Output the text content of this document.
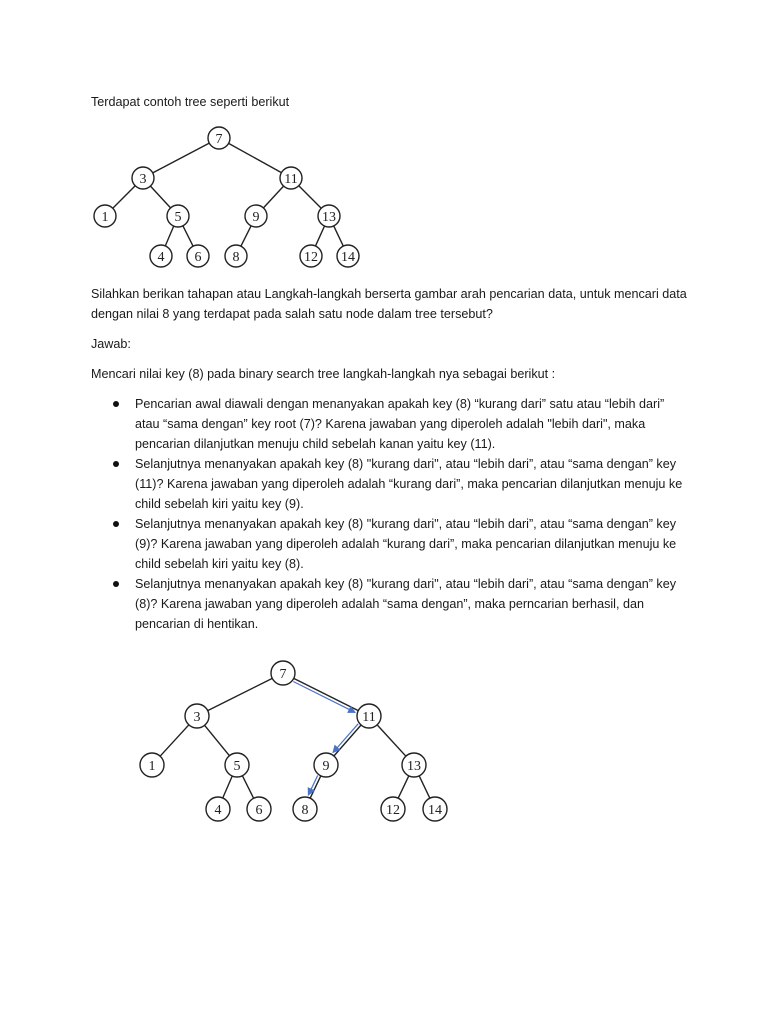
Terdapat contoh tree seperti berikut

7
3	11
1	5	9	13
4 6 8	12 14

Silahkan berikan tahapan atau Langkah-langkah berserta gambar arah pencarian data, untuk mencari data dengan nilai 8 yang terdapat pada salah satu node dalam tree tersebut?

Jawab:

Mencari nilai key (8) pada binary search tree langkah-langkah nya sebagai berikut :

Pencarian awal diawali dengan menanyakan apakah key (8) “kurang dari” satu atau “lebih dari” atau “sama dengan” key root (7)? Karena jawaban yang diperoleh adalah "lebih dari", maka pencarian dilanjutkan menuju child sebelah kanan yaitu key (11).
Selanjutnya menanyakan apakah key (8) "kurang dari", atau “lebih dari”, atau “sama dengan” key (11)? Karena jawaban yang diperoleh adalah “kurang dari”, maka pencarian dilanjutkan menuju ke child sebelah kiri yaitu key (9).
Selanjutnya menanyakan apakah key (8) "kurang dari", atau “lebih dari”, atau “sama dengan” key (9)? Karena jawaban yang diperoleh adalah “kurang dari”, maka pencarian dilanjutkan menuju ke child sebelah kiri yaitu key (8).
Selanjutnya menanyakan apakah key (8) "kurang dari", atau “lebih dari”, atau “sama dengan” key (8)? Karena jawaban yang diperoleh adalah “sama dengan”, maka perncarian berhasil, dan pencarian di hentikan.
7
3	11
1	5	9	13
4 6	8	12 14
